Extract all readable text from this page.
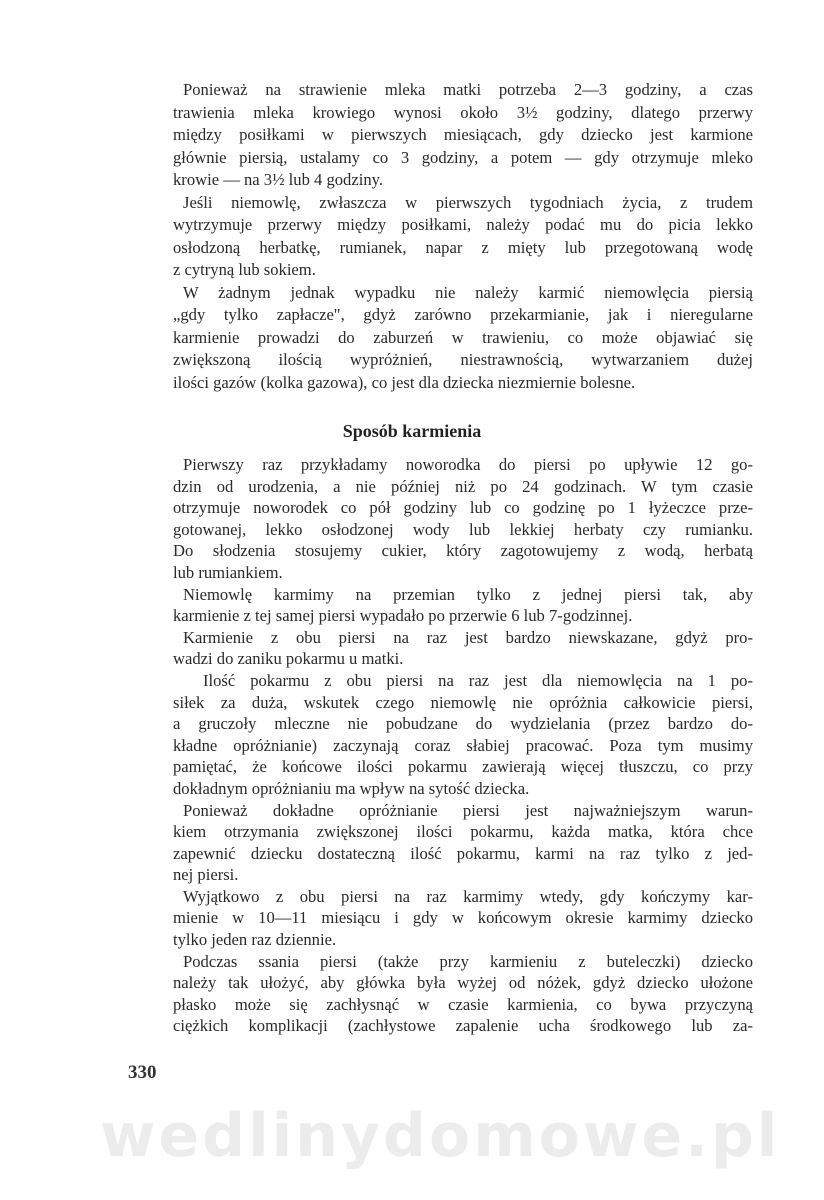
wedlinydomowe.pl
Ponieważ na strawienie mleka matki potrzeba 2—3 godziny, a czas
trawienia mleka krowiego wynosi około 3½ godziny, dlatego przerwy
między posiłkami w pierwszych miesiącach, gdy dziecko jest karmione
głównie piersią, ustalamy co 3 godziny, a potem — gdy otrzymuje mleko
krowie — na 3½ lub 4 godziny.
Jeśli niemowlę, zwłaszcza w pierwszych tygodniach życia, z trudem
wytrzymuje przerwy między posiłkami, należy podać mu do picia lekko
osłodzoną herbatkę, rumianek, napar z mięty lub przegotowaną wodę
z cytryną lub sokiem.
W żadnym jednak wypadku nie należy karmić niemowlęcia piersią
„gdy tylko zapłacze", gdyż zarówno przekarmianie, jak i nieregularne
karmienie prowadzi do zaburzeń w trawieniu, co może objawiać się
zwiększoną ilością wypróżnień, niestrawnością, wytwarzaniem dużej
ilości gazów (kolka gazowa), co jest dla dziecka niezmiernie bolesne.
Sposób karmienia
Pierwszy raz przykładamy noworodka do piersi po upływie 12 go-
dzin od urodzenia, a nie później niż po 24 godzinach. W tym czasie
otrzymuje noworodek co pół godziny lub co godzinę po 1 łyżeczce prze-
gotowanej, lekko osłodzonej wody lub lekkiej herbaty czy rumianku.
Do słodzenia stosujemy cukier, który zagotowujemy z wodą, herbatą
lub rumiankiem.
Niemowlę karmimy na przemian tylko z jednej piersi tak, aby
karmienie z tej samej piersi wypadało po przerwie 6 lub 7-godzinnej.
Karmienie z obu piersi na raz jest bardzo niewskazane, gdyż pro-
wadzi do zaniku pokarmu u matki.
Ilość pokarmu z obu piersi na raz jest dla niemowlęcia na 1 po-
siłek za duża, wskutek czego niemowlę nie opróżnia całkowicie piersi,
a gruczoły mleczne nie pobudzane do wydzielania (przez bardzo do-
kładne opróżnianie) zaczynają coraz słabiej pracować. Poza tym musimy
pamiętać, że końcowe ilości pokarmu zawierają więcej tłuszczu, co przy
dokładnym opróżnianiu ma wpływ na sytość dziecka.
Ponieważ dokładne opróżnianie piersi jest najważniejszym warun-
kiem otrzymania zwiększonej ilości pokarmu, każda matka, która chce
zapewnić dziecku dostateczną ilość pokarmu, karmi na raz tylko z jed-
nej piersi.
Wyjątkowo z obu piersi na raz karmimy wtedy, gdy kończymy kar-
mienie w 10—11 miesiącu i gdy w końcowym okresie karmimy dziecko
tylko jeden raz dziennie.
Podczas ssania piersi (także przy karmieniu z buteleczki) dziecko
należy tak ułożyć, aby główka była wyżej od nóżek, gdyż dziecko ułożone
płasko może się zachłysnąć w czasie karmienia, co bywa przyczyną
ciężkich komplikacji (zachłystowe zapalenie ucha środkowego lub za-
330
